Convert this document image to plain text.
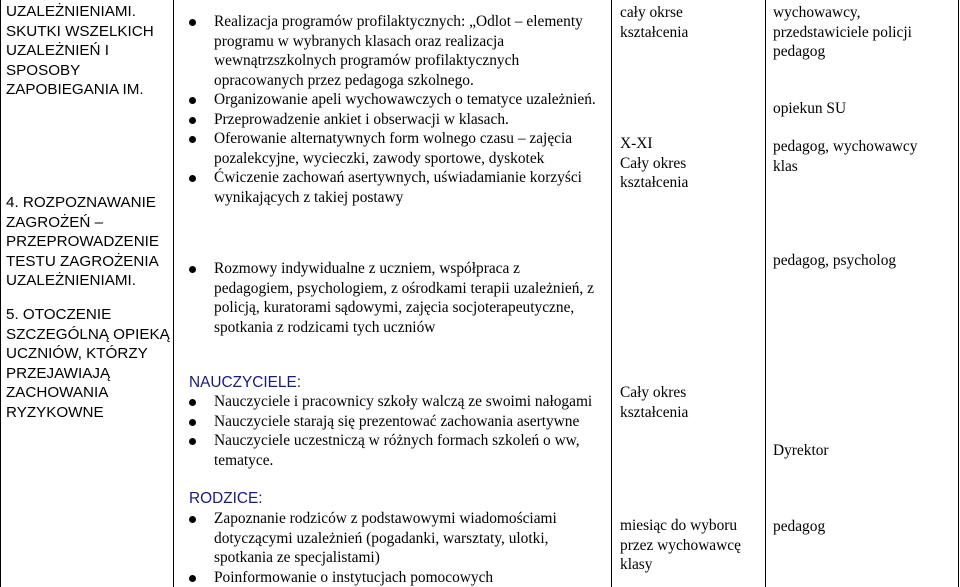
UZALEŻNIENIAMI.
SKUTKI WSZELKICH
UZALEŻNIEŃ I
SPOSOBY
ZAPOBIEGANIA IM.
4. ROZPOZNAWANIE
ZAGROŻEŃ –
PRZEPROWADZENIE
TESTU ZAGROŻENIA
UZALEŻNIENIAMI.
5. OTOCZENIE
SZCZEGÓLNĄ OPIEKĄ
UCZNIÓW, KTÓRZY
PRZEJAWIAJĄ
ZACHOWANIA
RYZYKOWNE
Realizacja programów profilaktycznych: „Odlot – elementy programu w wybranych klasach oraz realizacja wewnątrzszkolnych programów profilaktycznych opracowanych przez pedagoga szkolnego.
Organizowanie apeli wychowawczych o tematyce uzależnień.
Przeprowadzenie ankiet i obserwacji w klasach.
Oferowanie alternatywnych form wolnego czasu – zajęcia pozalekcyjne, wycieczki, zawody sportowe, dyskotek
Ćwiczenie zachowań asertywnych, uświadamianie korzyści wynikających z takiej postawy
Rozmowy indywidualne z uczniem, współpraca z pedagogiem, psychologiem, z ośrodkami terapii uzależnień, z policją, kuratorami sądowymi, zajęcia socjoterapeutyczne, spotkania z rodzicami tych uczniów
NAUCZYCIELE:
Nauczyciele i pracownicy szkoły walczą ze swoimi nałogami
Nauczyciele starają się prezentować zachowania asertywne
Nauczyciele uczestniczą w różnych formach szkoleń o ww, tematyce.
RODZICE:
Zapoznanie rodziców z podstawowymi wiadomościami dotyczącymi uzależnień (pogadanki, warsztaty, ulotki, spotkania ze specjalistami)
Poinformowanie o instytucjach pomocowych
cały okrse
kształcenia
X-XI
Cały okres
kształcenia
Cały okres
kształcenia
miesiąc do wyboru
przez wychowawcę
klasy
wychowawcy,
przedstawiciele policji
pedagog
opiekun SU
pedagog, wychowawcy
klas
pedagog, psycholog
Dyrektor
pedagog
